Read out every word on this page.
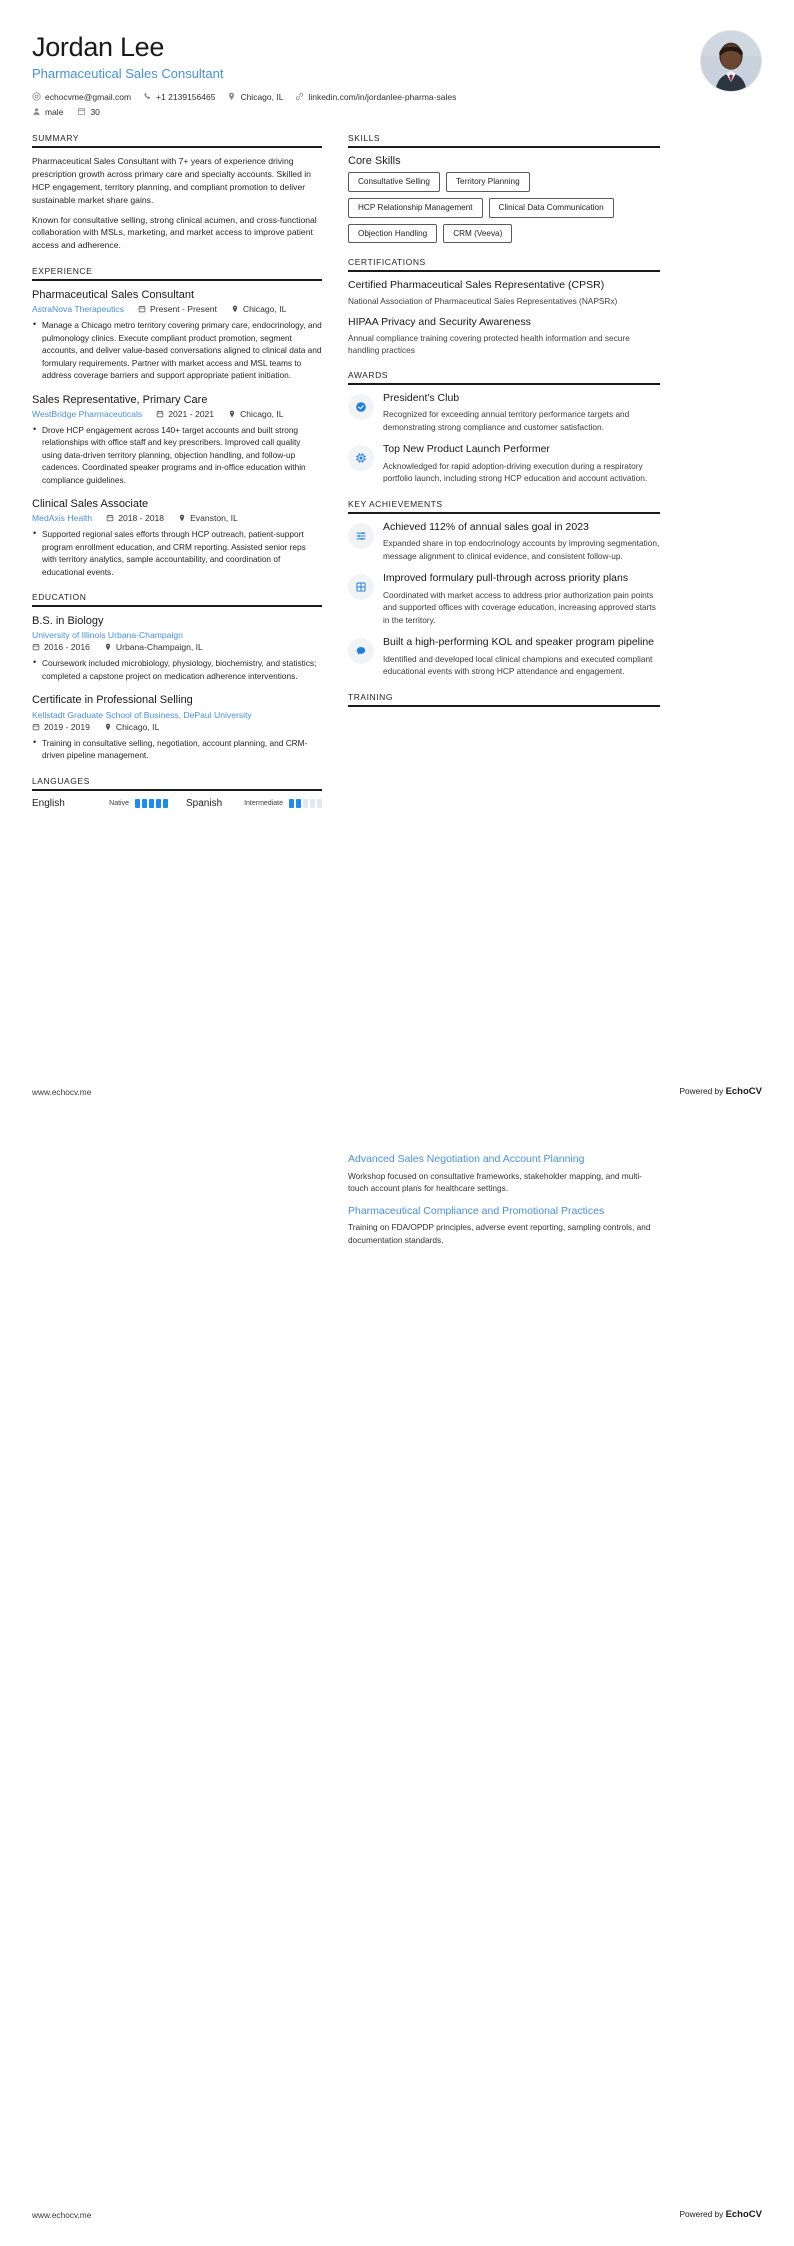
Jordan Lee
Pharmaceutical Sales Consultant
echocvme@gmail.com	+1 2139156465	Chicago, IL	linkedin.com/in/jordanlee-pharma-sales
male	30
SUMMARY

Pharmaceutical Sales Consultant with 7+ years of experience driving prescription growth across primary care and specialty accounts. Skilled in HCP engagement, territory planning, and compliant promotion to deliver sustainable market share gains.

Known for consultative selling, strong clinical acumen, and cross-functional collaboration with MSLs, marketing, and market access to improve patient access and adherence.

EXPERIENCE
Pharmaceutical Sales Consultant
AstraNova Therapeutics	Present - Present	Chicago, IL
• Manage a Chicago metro territory covering primary care, endocrinology, and pulmonology clinics. Execute compliant product promotion, segment accounts, and deliver value-based conversations aligned to clinical data and formulary requirements. Partner with market access and MSL teams to address coverage barriers and support appropriate patient initiation.
Sales Representative, Primary Care
WestBridge Pharmaceuticals	2021 - 2021	Chicago, IL
• Drove HCP engagement across 140+ target accounts and built strong relationships with office staff and key prescribers. Improved call quality using data-driven territory planning, objection handling, and follow-up cadences. Coordinated speaker programs and in-office education within compliance guidelines.
Clinical Sales Associate
MedAxis Health	2018 - 2018	Evanston, IL
• Supported regional sales efforts through HCP outreach, patient-support program enrollment education, and CRM reporting. Assisted senior reps with territory analytics, sample accountability, and coordination of educational events.
EDUCATION
B.S. in Biology
University of Illinois Urbana-Champaign
2016 - 2016	Urbana-Champaign, IL
• Coursework included microbiology, physiology, biochemistry, and statistics; completed a capstone project on medication adherence interventions.
Certificate in Professional Selling
Kellstadt Graduate School of Business, DePaul University
2019 - 2019	Chicago, IL
• Training in consultative selling, negotiation, account planning, and CRM-driven pipeline management.
LANGUAGES
English	Native	Spanish	Intermediate
SKILLS
Core Skills
Consultative Selling	Territory Planning
HCP Relationship Management	Clinical Data Communication
Objection Handling	CRM (Veeva)
CERTIFICATIONS
Certified Pharmaceutical Sales Representative (CPSR)
National Association of Pharmaceutical Sales Representatives (NAPSRx)
HIPAA Privacy and Security Awareness
Annual compliance training covering protected health information and secure handling practices
AWARDS
President's Club
Recognized for exceeding annual territory performance targets and demonstrating strong compliance and customer satisfaction.
Top New Product Launch Performer
Acknowledged for rapid adoption-driving execution during a respiratory portfolio launch, including strong HCP education and account activation.
KEY ACHIEVEMENTS
Achieved 112% of annual sales goal in 2023
Expanded share in top endocrinology accounts by improving segmentation, message alignment to clinical evidence, and consistent follow-up.
Improved formulary pull-through across priority plans
Coordinated with market access to address prior authorization pain points and supported offices with coverage education, increasing approved starts in the territory.
Built a high-performing KOL and speaker program pipeline
Identified and developed local clinical champions and executed compliant educational events with strong HCP attendance and engagement.
TRAINING
www.echocv.me	Powered by EchoCV
Advanced Sales Negotiation and Account Planning
Workshop focused on consultative frameworks, stakeholder mapping, and multi-touch account plans for healthcare settings.
Pharmaceutical Compliance and Promotional Practices
Training on FDA/OPDP principles, adverse event reporting, sampling controls, and documentation standards.
www.echocv.me	Powered by EchoCV
